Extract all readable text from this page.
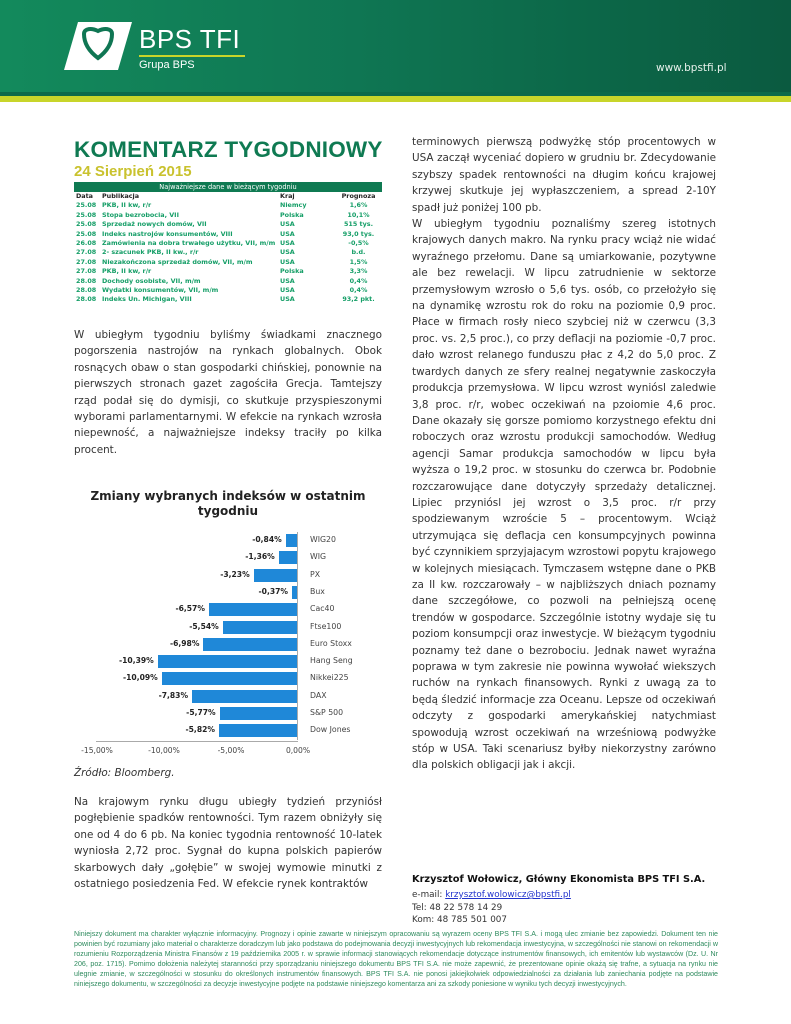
BPS TFI
Grupa BPS	www.bpstfi.pl
KOMENTARZ TYGODNIOWY
24 Sierpień 2015
Najważniejsze dane w bieżącym tygodniu
Data	Publikacja	Kraj	Prognoza
25.08 PKB, II kw, r/r	Niemcy	1,6%
25.08 Stopa bezrobocia, VII	Polska	10,1%
25.08 Sprzedaż nowych domów, VII	USA	515 tys.
25.08 Indeks nastrojów konsumentów, VIII	USA	93,0 tys.
26.08 Zamówienia na dobra trwałego użytku, VII, m/m USA	-0,5%
27.08 2- szacunek PKB, II kw., r/r	USA	b.d.
27.08 Niezakończona sprzedaż domów, VII, m/m	USA	1,5%
27.08 PKB, II kw, r/r	Polska	3,3%
28.08 Dochody osobiste, VII, m/m	USA	0,4%
28.08 Wydatki konsumentów, VII, m/m	USA	0,4%
28.08 Indeks Un. Michigan, VIII	USA	93,2 pkt.

W ubiegłym tygodniu byliśmy świadkami znacznego pogorszenia nastrojów na rynkach globalnych. Obok rosnących obaw o stan gospodarki chińskiej, ponownie na pierwszych stronach gazet zagościła Grecja. Tamtejszy rząd podał się do dymisji, co skutkuje przyspieszonymi wyborami parlamentarnymi. W efekcie na rynkach wzrosła niepewność, a najważniejsze indeksy traciły po kilka procent.

Zmiany wybranych indeksów w ostatnim tygodniu
-0,84%	WIG20
-1,36%	WIG
-3,23%	PX
-0,37%	Bux
-6,57%	Cac40
-5,54%	Ftse100
-6,98%	Euro Stoxx
-10,39%	Hang Seng
-10,09%	Nikkei225
-7,83%	DAX
-5,77%	S&P 500
-5,82%	Dow Jones
-15,00%	-10,00%	-5,00%	0,00%
Źródło: Bloomberg.

Na krajowym rynku długu ubiegły tydzień przyniósł pogłębienie spadków rentowności. Tym razem obniżyły się one od 4 do 6 pb. Na koniec tygodnia rentowność 10-latek wyniosła 2,72 proc. Sygnał do kupna polskich papierów skarbowych dały „gołębie” w swojej wymowie minutki z ostatniego posiedzenia Fed. W efekcie rynek kontraktów

terminowych pierwszą podwyżkę stóp procentowych w USA zaczął wyceniać dopiero w grudniu br. Zdecydowanie szybszy spadek rentowności na długim końcu krajowej krzywej skutkuje jej wypłaszczeniem, a spread 2-10Y spadł już poniżej 100 pb.

W ubiegłym tygodniu poznaliśmy szereg istotnych krajowych danych makro. Na rynku pracy wciąż nie widać wyraźnego przełomu. Dane są umiarkowanie, pozytywne ale bez rewelacji. W lipcu zatrudnienie w sektorze przemysłowym wzrosło o 5,6 tys. osób, co przełożyło się na dynamikę wzrostu rok do roku na poziomie 0,9 proc. Płace w firmach rosły nieco szybciej niż w czerwcu (3,3 proc. vs. 2,5 proc.), co przy deflacji na poziomie -0,7 proc. dało wzrost relanego funduszu płac z 4,2 do 5,0 proc. Z twardych danych ze sfery realnej negatywnie zaskoczyła produkcja przemysłowa. W lipcu wzrost wyniósl zaledwie 3,8 proc. r/r, wobec oczekiwań na pzoiomie 4,6 proc. Dane okazały się gorsze pomiomo korzystnego efektu dni roboczych oraz wzrostu produkcji samochodów. Według agencji Samar produkcja samochodów w lipcu była wyższa o 19,2 proc. w stosunku do czerwca br. Podobnie rozczarowujące dane dotyczyły sprzedaży detalicznej. Lipiec przyniósl jej wzrost o 3,5 proc. r/r przy spodziewanym wzroście 5 – procentowym. Wciąż utrzymująca się deflacja cen konsumpcyjnych powinna być czynnikiem sprzyjajacym wzrostowi popytu krajowego w kolejnych miesiącach. Tymczasem wstępne dane o PKB za II kw. rozczarowały – w najbliższych dniach poznamy dane szczegółowe, co pozwoli na pełniejszą ocenę trendów w gospodarce. Szczególnie istotny wydaje się tu poziom konsumpcji oraz inwestycje. W bieżącym tygodniu poznamy też dane o bezrobociu. Jednak nawet wyraźna poprawa w tym zakresie nie powinna wywołać wiekszych ruchów na rynkach finansowych. Rynki z uwagą za to będą śledzić informacje zza Oceanu. Lepsze od oczekiwań odczyty z gospodarki amerykańskiej natychmiast spowodują wzrost oczekiwań na wrześniową podwyżke stóp w USA. Taki scenariusz byłby niekorzystny zarówno dla polskich obligacji jak i akcji.

Krzysztof Wołowicz, Główny Ekonomista BPS TFI S.A.
e-mail: krzysztof.wolowicz@bpstfi.pl
Tel: 48 22 578 14 29
Kom: 48 785 501 007
Niniejszy dokument ma charakter wyłącznie informacyjny. Prognozy i opinie zawarte w niniejszym opracowaniu są wyrazem oceny BPS TFI S.A. i mogą ulec zmianie bez zapowiedzi. Dokument ten nie powinien być rozumiany jako materiał o charakterze doradczym lub jako podstawa do podejmowania decyzji inwestycyjnych lub rekomendacja inwestycyjna, w szczególności nie stanowi on rekomendacji w rozumieniu Rozporządzenia Ministra Finansów z 19 października 2005 r. w sprawie informacji stanowiących rekomendacje dotyczące instrumentów finansowych, ich emitentów lub wystawców (Dz. U. Nr 206, poz. 1715). Pomimo dołożenia należytej staranności przy sporządzaniu niniejszego dokumentu BPS TFI S.A. nie może zapewnić, że prezentowane opinie okażą się trafne, a sytuacja na rynku nie ulegnie zmianie, w szczególności w stosunku do określonych instrumentów finansowych. BPS TFI S.A. nie ponosi jakiejkolwiek odpowiedzialności za działania lub zaniechania podjęte na podstawie niniejszego dokumentu, w szczególności za decyzje inwestycyjne podjęte na podstawie niniejszego komentarza ani za szkody poniesione w wyniku tych decyzji inwestycyjnych.
